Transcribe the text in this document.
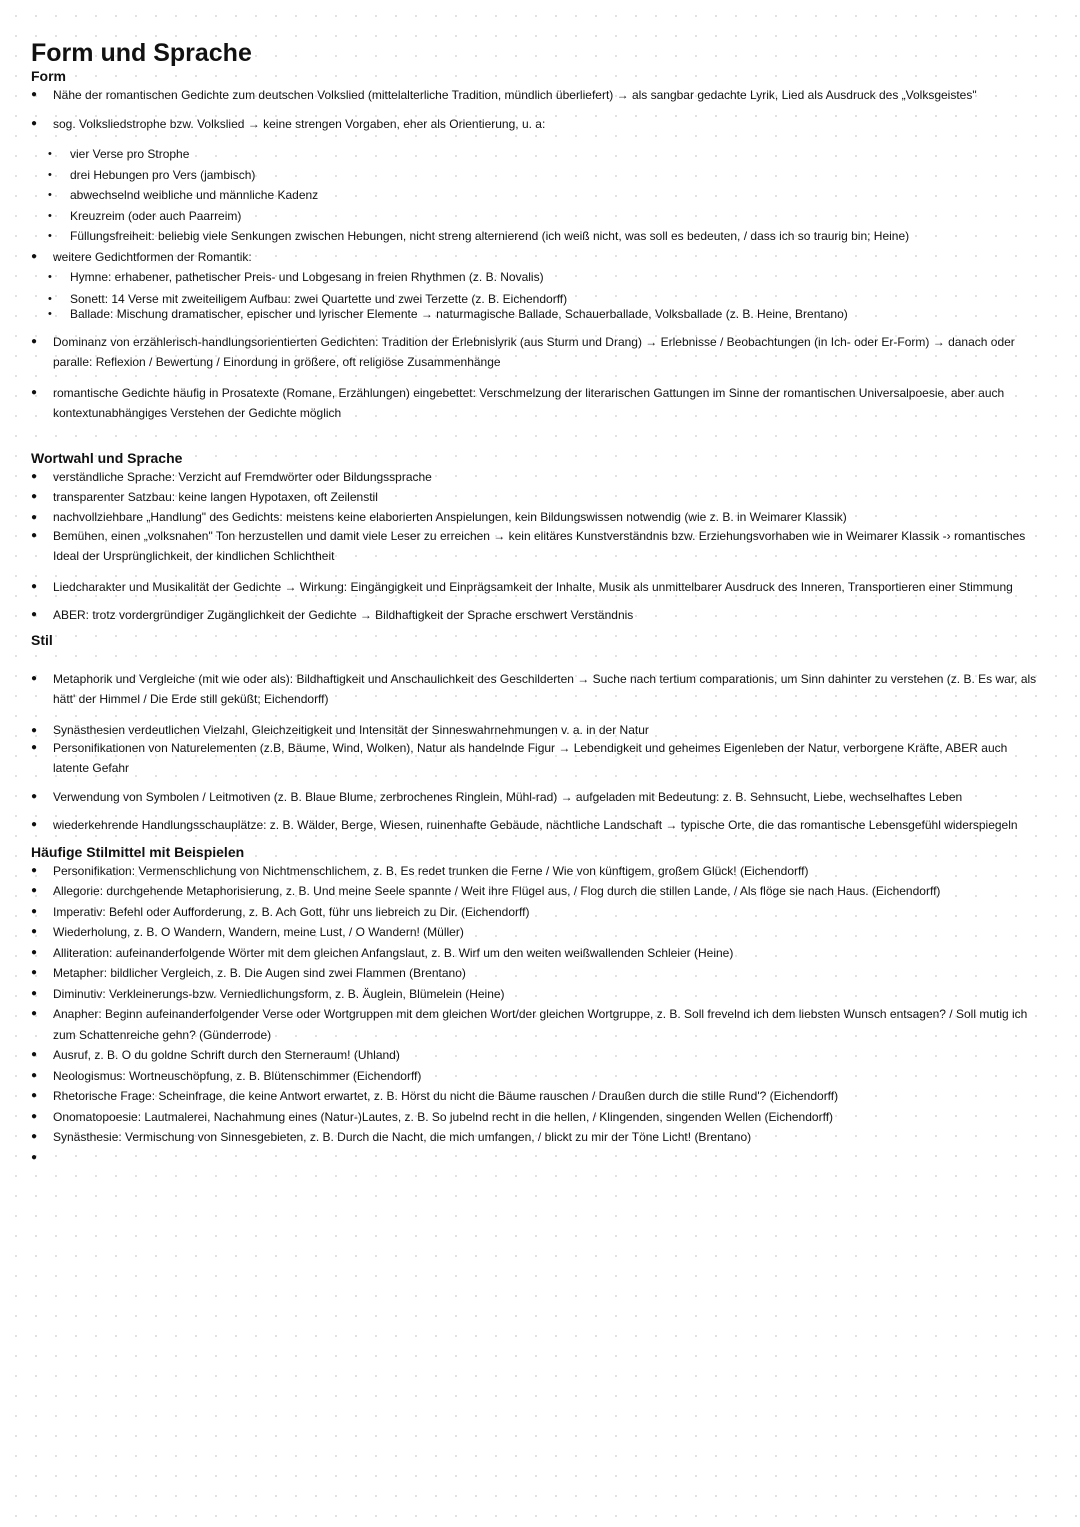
Form und Sprache
Form
● Nähe der romantischen Gedichte zum deutschen Volkslied (mittelalterliche Tradition, mündlich überliefert) → als sangbar gedachte Lyrik, Lied als Ausdruck des „Volksgeistes"
● sog. Volksliedstrophe bzw. Volkslied → keine strengen Vorgaben, eher als Orientierung, u. a:
• vier Verse pro Strophe
• drei Hebungen pro Vers (jambisch)
• abwechselnd weibliche und männliche Kadenz
• Kreuzreim (oder auch Paarreim)
• Füllungsfreiheit: beliebig viele Senkungen zwischen Hebungen, nicht streng alternierend (ich weiß nicht, was soll es bedeuten, / dass ich so traurig bin; Heine)
● weitere Gedichtformen der Romantik:
• Hymne: erhabener, pathetischer Preis- und Lobgesang in freien Rhythmen (z. B. Novalis)
• Sonett: 14 Verse mit zweiteiligem Aufbau: zwei Quartette und zwei Terzette (z. B. Eichendorff)
• Ballade: Mischung dramatischer, epischer und lyrischer Elemente → naturmagische Ballade, Schauerballade, Volksballade (z. B. Heine, Brentano)
● Dominanz von erzählerisch-handlungsorientierten Gedichten: Tradition der Erlebnislyrik (aus Sturm und Drang) → Erlebnisse / Beobachtungen (in Ich- oder Er-Form) → danach oder paralle: Reflexion / Bewertung / Einordung in größere, oft religiöse Zusammenhänge
● romantische Gedichte häufig in Prosatexte (Romane, Erzählungen) eingebettet: Verschmelzung der literarischen Gattungen im Sinne der romantischen Universalpoesie, aber auch kontextunabhängiges Verstehen der Gedichte möglich
Wortwahl und Sprache
● verständliche Sprache: Verzicht auf Fremdwörter oder Bildungssprache
● transparenter Satzbau: keine langen Hypotaxen, oft Zeilenstil
● nachvollziehbare „Handlung" des Gedichts: meistens keine elaborierten Anspielungen, kein Bildungswissen notwendig (wie z. B. in Weimarer Klassik)
● Bemühen, einen „volksnahen" Ton herzustellen und damit viele Leser zu erreichen → kein elitäres Kunstverständnis bzw. Erziehungsvorhaben wie in Weimarer Klassik -› romantisches Ideal der Ursprünglichkeit, der kindlichen Schlichtheit
● Liedcharakter und Musikalität der Gedichte → Wirkung: Eingängigkeit und Einprägsamkeit der Inhalte, Musik als unmittelbarer Ausdruck des Inneren, Transportieren einer Stimmung
● ABER: trotz vordergründiger Zugänglichkeit der Gedichte → Bildhaftigkeit der Sprache erschwert Verständnis
Stil
● Metaphorik und Vergleiche (mit wie oder als): Bildhaftigkeit und Anschaulichkeit des Geschilderten → Suche nach tertium comparationis, um Sinn dahinter zu verstehen (z. B. Es war, als hätt' der Himmel / Die Erde still geküßt; Eichendorff)
● Synästhesien verdeutlichen Vielzahl, Gleichzeitigkeit und Intensität der Sinneswahrnehmungen v. a. in der Natur
● Personifikationen von Naturelementen (z.B, Bäume, Wind, Wolken), Natur als handelnde Figur → Lebendigkeit und geheimes Eigenleben der Natur, verborgene Kräfte, ABER auch latente Gefahr
● Verwendung von Symbolen / Leitmotiven (z. B. Blaue Blume, zerbrochenes Ringlein, Mühl-rad) → aufgeladen mit Bedeutung: z. B. Sehnsucht, Liebe, wechselhaftes Leben
● wiederkehrende Handlungsschauplätze: z. B. Wälder, Berge, Wiesen, ruinenhafte Gebäude, nächtliche Landschaft → typische Orte, die das romantische Lebensgefühl widerspiegeln
Häufige Stilmittel mit Beispielen
● Personifikation: Vermenschlichung von Nichtmenschlichem, z. B. Es redet trunken die Ferne / Wie von künftigem, großem Glück! (Eichendorff)
● Allegorie: durchgehende Metaphorisierung, z. B. Und meine Seele spannte / Weit ihre Flügel aus, / Flog durch die stillen Lande, / Als flöge sie nach Haus. (Eichendorff)
● Imperativ: Befehl oder Aufforderung, z. B. Ach Gott, führ uns liebreich zu Dir. (Eichendorff)
● Wiederholung, z. B. O Wandern, Wandern, meine Lust, / O Wandern! (Müller)
● Alliteration: aufeinanderfolgende Wörter mit dem gleichen Anfangslaut, z. B. Wirf um den weiten weißwallenden Schleier (Heine)
● Metapher: bildlicher Vergleich, z. B. Die Augen sind zwei Flammen (Brentano)
● Diminutiv: Verkleinerungs-bzw. Verniedlichungsform, z. B. Äuglein, Blümelein (Heine)
● Anapher: Beginn aufeinanderfolgender Verse oder Wortgruppen mit dem gleichen Wort/der gleichen Wortgruppe, z. B. Soll frevelnd ich dem liebsten Wunsch entsagen? / Soll mutig ich zum Schattenreiche gehn? (Günderrode)
● Ausruf, z. B. O du goldne Schrift durch den Sterneraum! (Uhland)
● Neologismus: Wortneuschöpfung, z. B. Blütenschimmer (Eichendorff)
● Rhetorische Frage: Scheinfrage, die keine Antwort erwartet, z. B. Hörst du nicht die Bäume rauschen / Draußen durch die stille Rund'? (Eichendorff)
● Onomatopoesie: Lautmalerei, Nachahmung eines (Natur-)Lautes, z. B. So jubelnd recht in die hellen, / Klingenden, singenden Wellen (Eichendorff)
● Synästhesie: Vermischung von Sinnesgebieten, z. B. Durch die Nacht, die mich umfangen, / blickt zu mir der Töne Licht! (Brentano)
●
